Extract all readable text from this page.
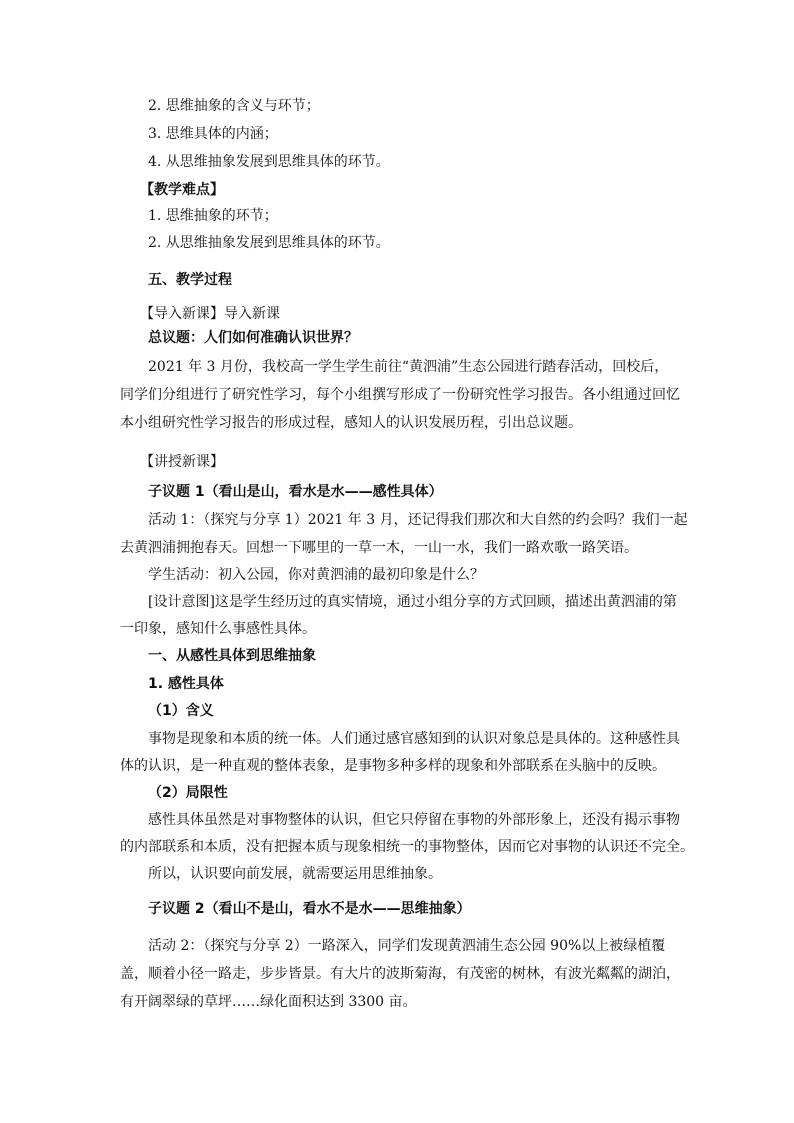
2. 思维抽象的含义与环节；
3. 思维具体的内涵；
4. 从思维抽象发展到思维具体的环节。
【教学难点】
1. 思维抽象的环节；
2. 从思维抽象发展到思维具体的环节。
五、教学过程
【导入新课】导入新课
总议题：人们如何准确认识世界？
2021 年 3 月份，我校高一学生学生前往“黄泗浦”生态公园进行踏春活动，回校后，
同学们分组进行了研究性学习，每个小组撰写形成了一份研究性学习报告。各小组通过回忆
本小组研究性学习报告的形成过程，感知人的认识发展历程，引出总议题。
【讲授新课】
子议题 1（看山是山，看水是水——感性具体）
活动 1：（探究与分享 1）2021 年 3 月，还记得我们那次和大自然的约会吗？我们一起
去黄泗浦拥抱春天。回想一下哪里的一草一木，一山一水，我们一路欢歌一路笑语。
学生活动：初入公园，你对黄泗浦的最初印象是什么？
[设计意图]这是学生经历过的真实情境，通过小组分享的方式回顾，描述出黄泗浦的第
一印象，感知什么事感性具体。
一、从感性具体到思维抽象
1. 感性具体
（1）含义
事物是现象和本质的统一体。人们通过感官感知到的认识对象总是具体的。这种感性具
体的认识，是一种直观的整体表象，是事物多种多样的现象和外部联系在头脑中的反映。
（2）局限性
感性具体虽然是对事物整体的认识，但它只停留在事物的外部形象上，还没有揭示事物
的内部联系和本质，没有把握本质与现象相统一的事物整体，因而它对事物的认识还不完全。
所以，认识要向前发展，就需要运用思维抽象。
子议题 2（看山不是山，看水不是水——思维抽象）
活动 2：（探究与分享 2）一路深入，同学们发现黄泗浦生态公园 90%以上被绿植覆
盖，顺着小径一路走，步步皆景。有大片的波斯菊海，有茂密的树林，有波光粼粼的湖泊，
有开阔翠绿的草坪……绿化面积达到 3300 亩。
